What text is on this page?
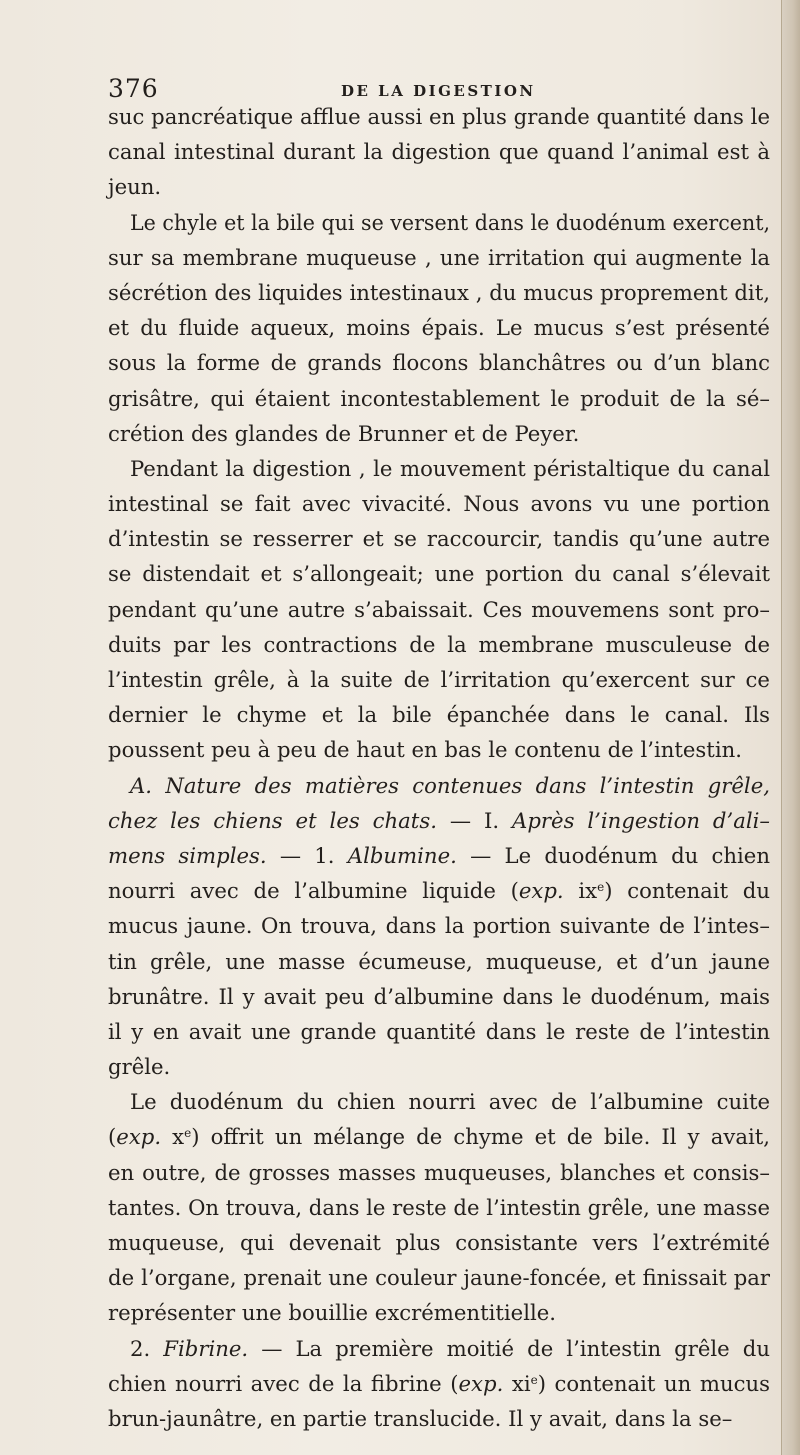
376	DE LA DIGESTION
suc pancréatique afflue aussi en plus grande quantité dans le
canal intestinal durant la digestion que quand l’animal est à
jeun.
Le chyle et la bile qui se versent dans le duodénum exercent,
sur sa membrane muqueuse , une irritation qui augmente la
sécrétion des liquides intestinaux , du mucus proprement dit,
et du fluide aqueux, moins épais. Le mucus s’est présenté
sous la forme de grands flocons blanchâtres ou d’un blanc
grisâtre, qui étaient incontestablement le produit de la sé–
crétion des glandes de Brunner et de Peyer.
Pendant la digestion , le mouvement péristaltique du canal
intestinal se fait avec vivacité. Nous avons vu une portion
d’intestin se resserrer et se raccourcir, tandis qu’une autre
se distendait et s’allongeait; une portion du canal s’élevait
pendant qu’une autre s’abaissait. Ces mouvemens sont pro–
duits par les contractions de la membrane musculeuse de
l’intestin grêle, à la suite de l’irritation qu’exercent sur ce
dernier le chyme et la bile épanchée dans le canal. Ils
poussent peu à peu de haut en bas le contenu de l’intestin.
A. Nature des matières contenues dans l’intestin grêle,
chez les chiens et les chats. — I. Après l’ingestion d’ali–
mens simples. — 1. Albumine. — Le duodénum du chien
nourri avec de l’albumine liquide (exp. $ix^e$) contenait du
mucus jaune. On trouva, dans la portion suivante de l’intes–
tin grêle, une masse écumeuse, muqueuse, et d’un jaune
brunâtre. Il y avait peu d’albumine dans le duodénum, mais
il y en avait une grande quantité dans le reste de l’intestin
grêle.
Le duodénum du chien nourri avec de l’albumine cuite
(exp. $x^e$) offrit un mélange de chyme et de bile. Il y avait,
en outre, de grosses masses muqueuses, blanches et consis–
tantes. On trouva, dans le reste de l’intestin grêle, une masse
muqueuse, qui devenait plus consistante vers l’extrémité
de l’organe, prenait une couleur jaune-foncée, et finissait par
représenter une bouillie excrémentitielle.
2. Fibrine. — La première moitié de l’intestin grêle du
chien nourri avec de la fibrine (exp. $xi^e$) contenait un mucus
brun-jaunâtre, en partie translucide. Il y avait, dans la se–
